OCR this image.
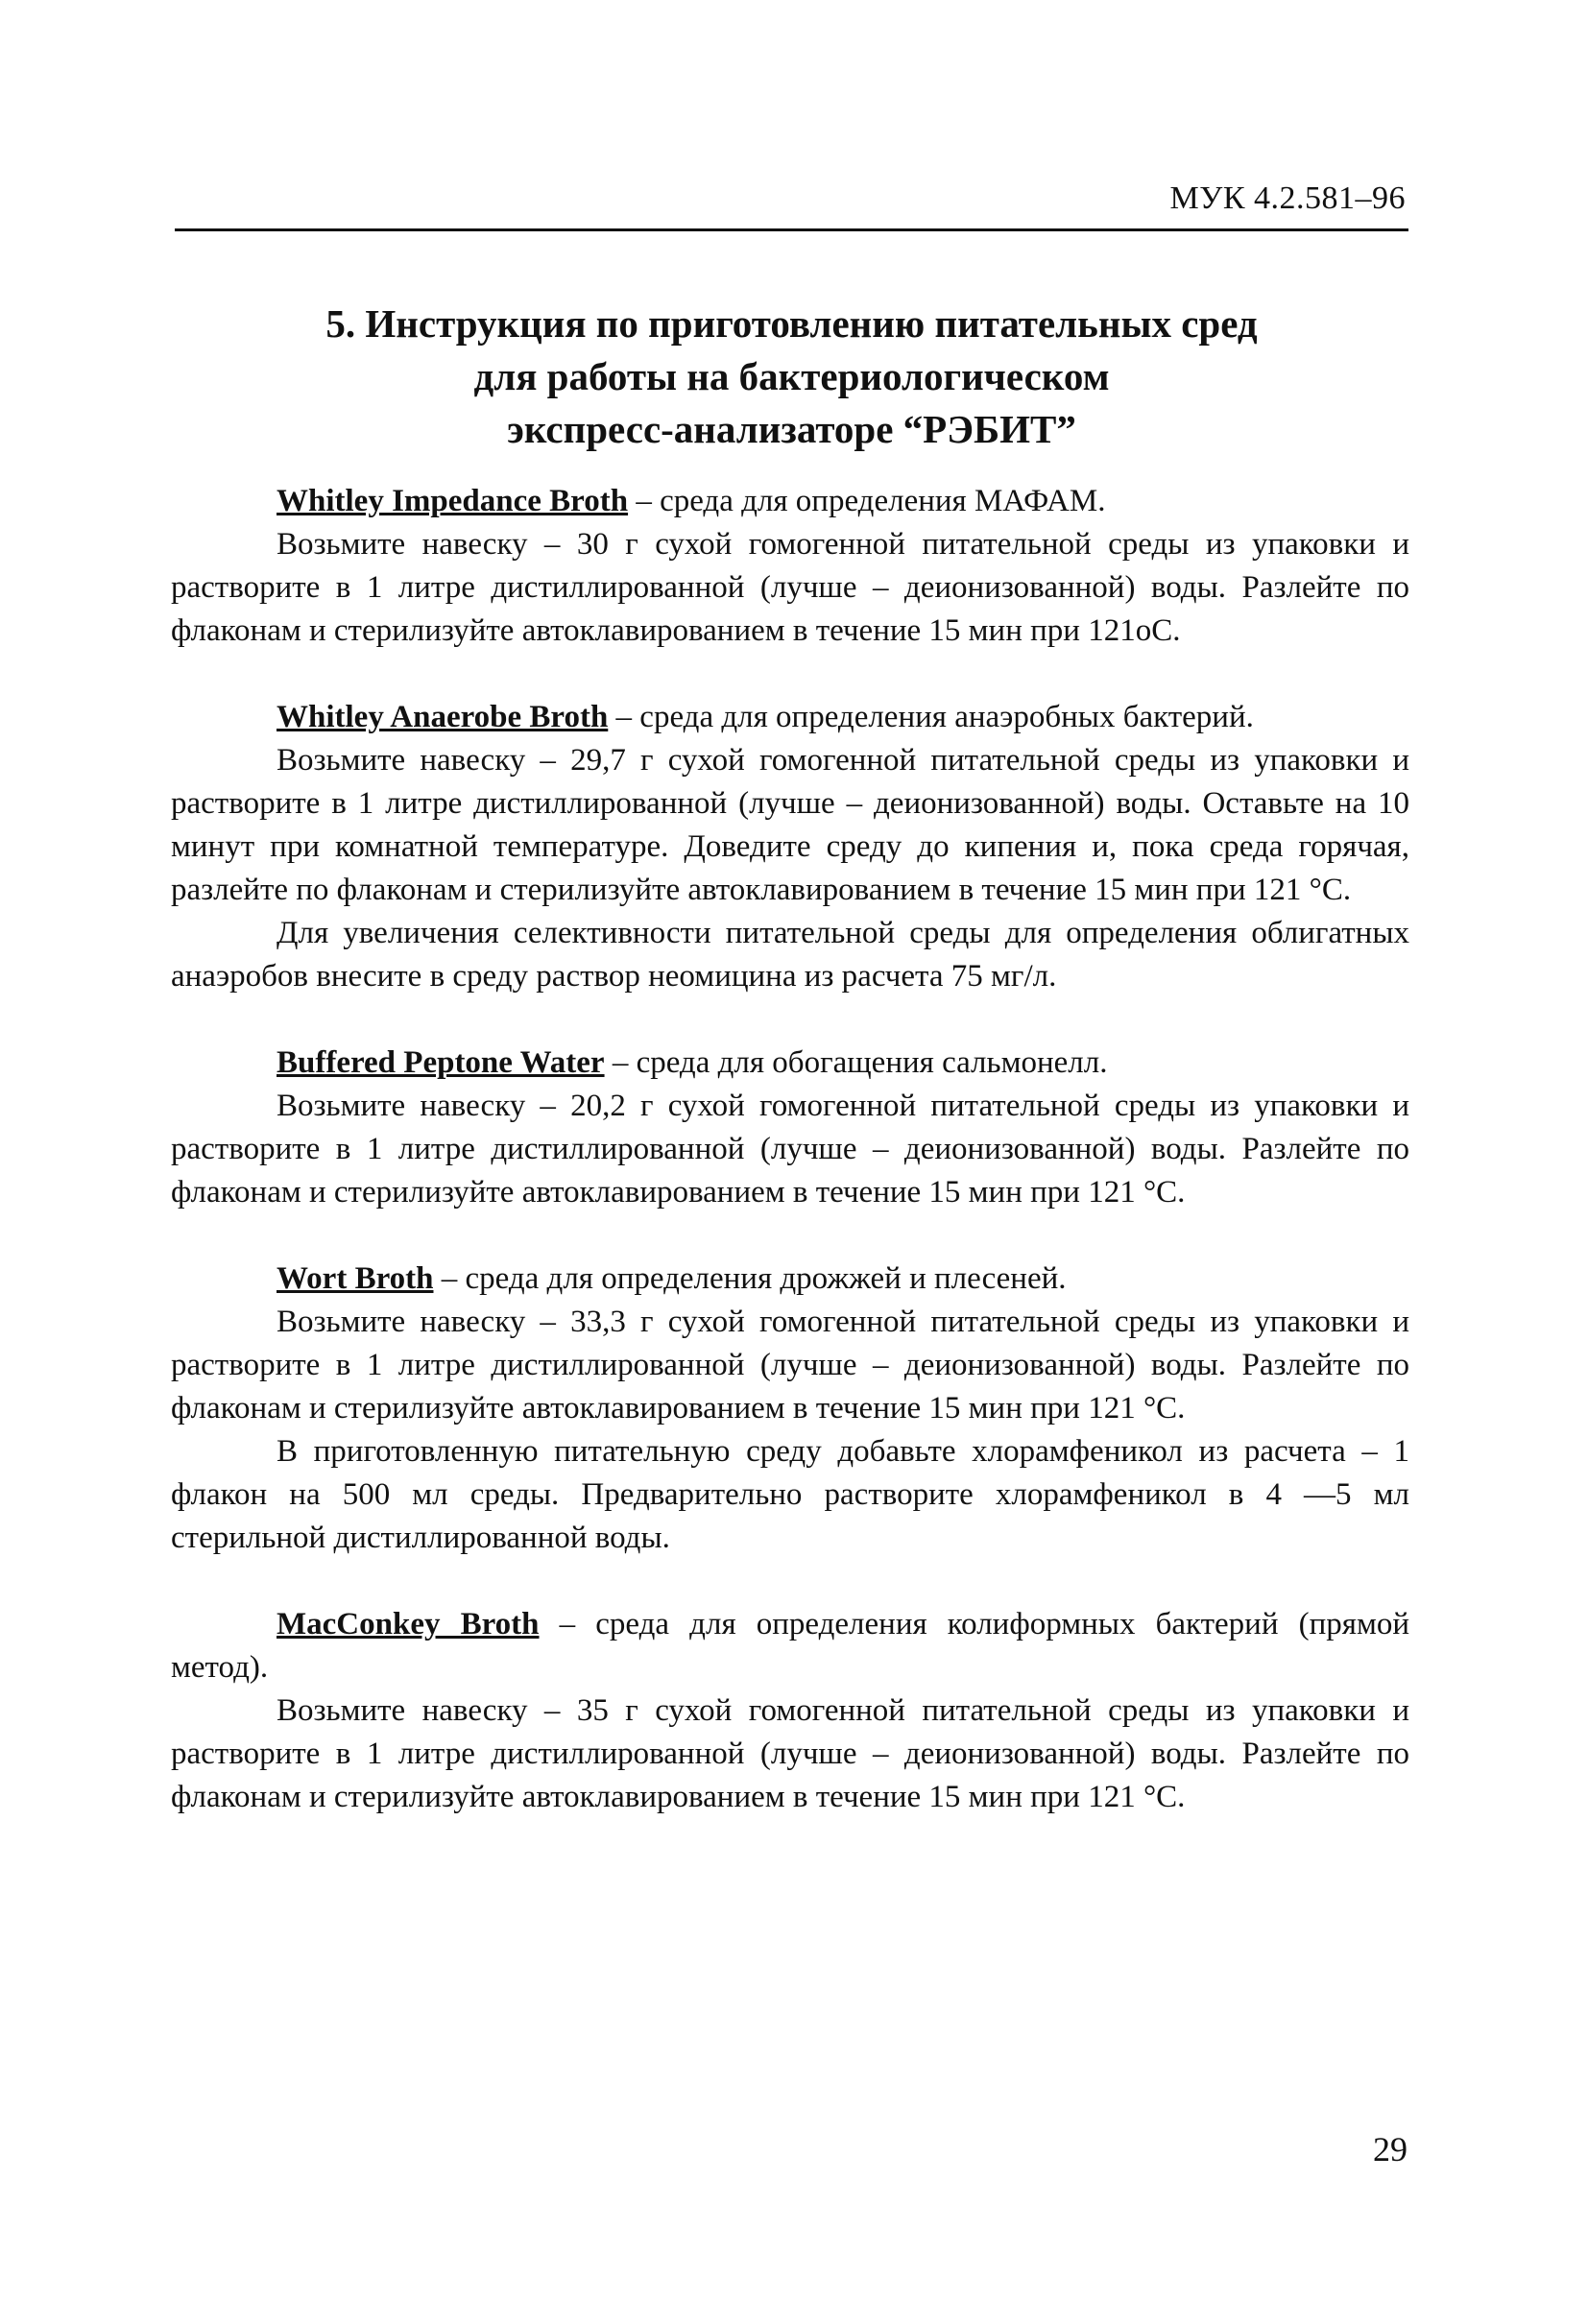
МУК 4.2.581–96
5. Инструкция по приготовлению питательных сред
для работы на бактериологическом
экспресс-анализаторе “РЭБИТ”

Whitley Impedance Broth – среда для определения МАФАМ.

Возьмите навеску – 30 г сухой гомогенной питательной среды из упаковки и растворите в 1 литре дистиллированной (лучше – деионизованной) воды. Разлейте по флаконам и стерилизуйте автоклавированием в течение 15 мин при 121оС.

Whitley Anaerobe Broth – среда для определения анаэробных бактерий.

Возьмите навеску – 29,7 г сухой гомогенной питательной среды из упаковки и растворите в 1 литре дистиллированной (лучше – деионизованной) воды. Оставьте на 10 минут при комнатной температуре. Доведите среду до кипения и, пока среда горячая, разлейте по флаконам и стерилизуйте автоклавированием в течение 15 мин при 121 °С.

Для увеличения селективности питательной среды для определения облигатных анаэробов внесите в среду раствор неомицина из расчета 75 мг/л.

Buffered Peptone Water – среда для обогащения сальмонелл.

Возьмите навеску – 20,2 г сухой гомогенной питательной среды из упаковки и растворите в 1 литре дистиллированной (лучше – деионизованной) воды. Разлейте по флаконам и стерилизуйте автоклавированием в течение 15 мин при 121 °С.

Wort Broth – среда для определения дрожжей и плесеней.

Возьмите навеску – 33,3 г сухой гомогенной питательной среды из упаковки и растворите в 1 литре дистиллированной (лучше – деионизованной) воды. Разлейте по флаконам и стерилизуйте автоклавированием в течение 15 мин при 121 °С.

В приготовленную питательную среду добавьте хлорамфеникол из расчета – 1 флакон на 500 мл среды. Предварительно растворите хлорамфеникол в 4 —5 мл стерильной дистиллированной воды.

MacConkey Broth – среда для определения колиформных бактерий (прямой метод).

Возьмите навеску – 35 г сухой гомогенной питательной среды из упаковки и растворите в 1 литре дистиллированной (лучше – деионизованной) воды. Разлейте по флаконам и стерилизуйте автоклавированием в течение 15 мин при 121 °С.

29
